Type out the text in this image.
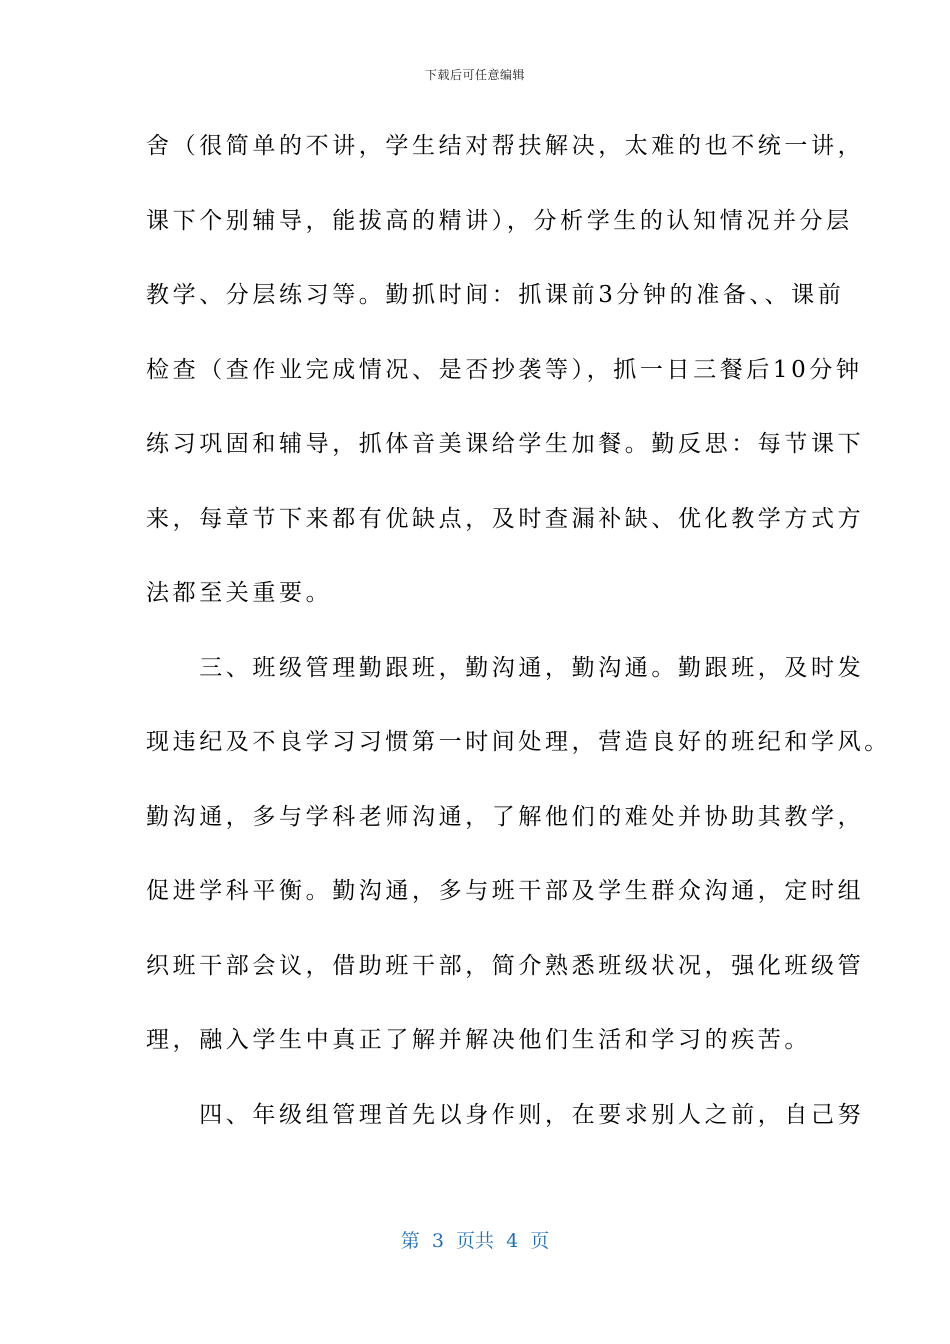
下载后可任意编辑
舍（很简单的不讲，学生结对帮扶解决，太难的也不统一讲，
课下个别辅导，能拔高的精讲），分析学生的认知情况并分层
教学、分层练习等。勤抓时间：抓课前3分钟的准备、、课前
检查（查作业完成情况、是否抄袭等），抓一日三餐后10分钟
练习巩固和辅导，抓体音美课给学生加餐。勤反思：每节课下
来，每章节下来都有优缺点，及时查漏补缺、优化教学方式方
法都至关重要。
　　三、班级管理勤跟班，勤沟通，勤沟通。勤跟班，及时发
现违纪及不良学习习惯第一时间处理，营造良好的班纪和学风。
勤沟通，多与学科老师沟通，了解他们的难处并协助其教学，
促进学科平衡。勤沟通，多与班干部及学生群众沟通，定时组
织班干部会议，借助班干部，简介熟悉班级状况，强化班级管
理，融入学生中真正了解并解决他们生活和学习的疾苦。
　　四、年级组管理首先以身作则，在要求别人之前，自己努
第  3  页共  4  页
